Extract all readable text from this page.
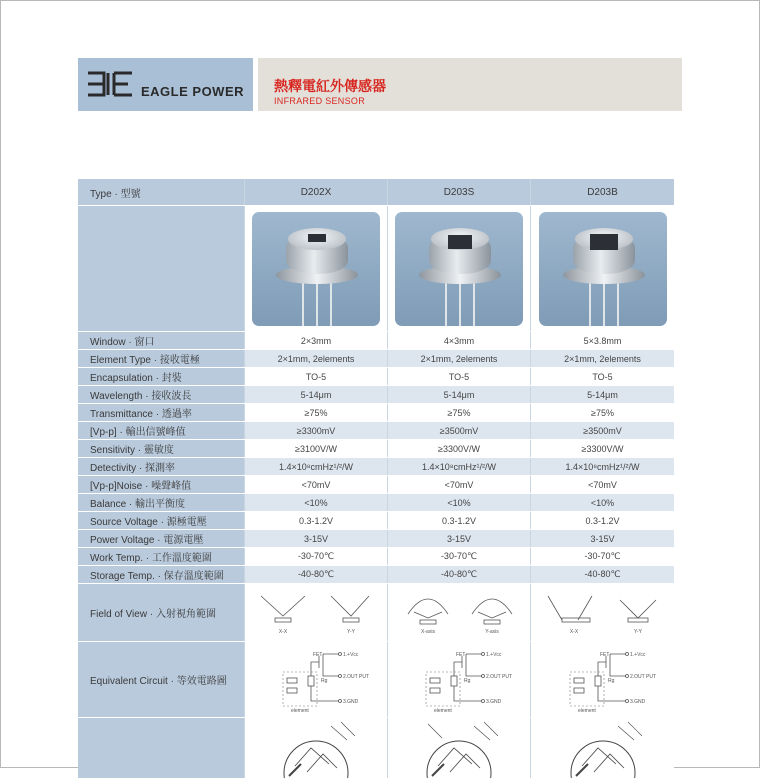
EAGLE POWER 熱釋電紅外傳感器
INFRARED SENSOR
Type · 型號	D202X	D203S	D203B
Window · 窗口	2×3mm	4×3mm	5×3.8mm
Element Type · 接收電極	2×1mm, 2elements	2×1mm, 2elements	2×1mm, 2elements
Encapsulation · 封裝	TO-5	TO-5	TO-5
Wavelength · 接收波長	5-14μm	5-14μm	5-14μm
Transmittance · 透過率	≥75%	≥75%	≥75%
[Vp-p] · 輸出信號峰值	≥3300mV	≥3500mV	≥3500mV
Sensitivity · 靈敏度	≥3100V/W	≥3300V/W	≥3300V/W
Detectivity · 探測率	1.4×10⁸cmHz¹/²/W	1.4×10⁸cmHz¹/²/W	1.4×10⁸cmHz¹/²/W
[Vp-p]Noise · 噪聲峰值	<70mV	<70mV	<70mV
Balance · 輸出平衡度	<10%	<10%	<10%
Source Voltage · 源極電壓	0.3-1.2V	0.3-1.2V	0.3-1.2V
Power Voltage · 電源電壓	3-15V	3-15V	3-15V
Work Temp. · 工作溫度範圍	-30-70℃	-30-70℃	-30-70℃
Storage Temp. · 保存溫度範圍	-40-80℃	-40-80℃	-40-80℃
Field of View · 入射視角範圍
X-X	Y-Y	X-axis	Y-axis	X-X	Y-Y
Equivalent Circuit · 等效電路圖
FET	1.+Vcc
2.OUT PUT
3.GND
Rg
element
FET	1.+Vcc
2.OUT PUT
3.GND
Rg
element
FET	1.+Vcc
2.OUT PUT
3.GND
Rg
element
